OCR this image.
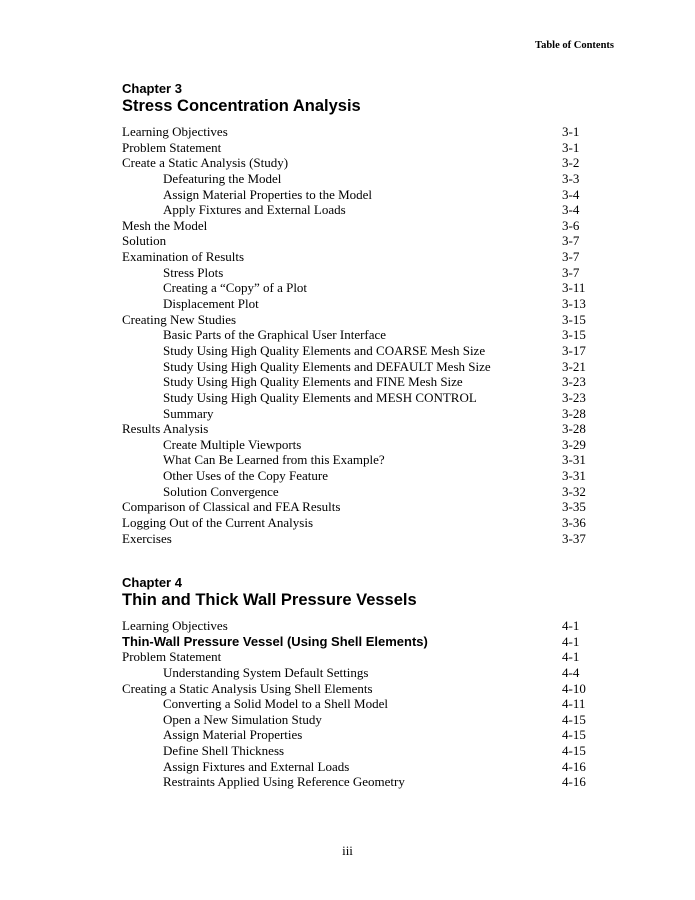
Table of Contents
Chapter 3
Stress Concentration Analysis
Learning Objectives	3-1
Problem Statement	3-1
Create a Static Analysis (Study)	3-2
Defeaturing the Model	3-3
Assign Material Properties to the Model	3-4
Apply Fixtures and External Loads	3-4
Mesh the Model	3-6
Solution	3-7
Examination of Results	3-7
Stress Plots	3-7
Creating a “Copy” of a Plot	3-11
Displacement Plot	3-13
Creating New Studies	3-15
Basic Parts of the Graphical User Interface	3-15
Study Using High Quality Elements and COARSE Mesh Size	3-17
Study Using High Quality Elements and DEFAULT Mesh Size	3-21
Study Using High Quality Elements and FINE Mesh Size	3-23
Study Using High Quality Elements and MESH CONTROL	3-23
Summary	3-28
Results Analysis	3-28
Create Multiple Viewports	3-29
What Can Be Learned from this Example?	3-31
Other Uses of the Copy Feature	3-31
Solution Convergence	3-32
Comparison of Classical and FEA Results	3-35
Logging Out of the Current Analysis	3-36
Exercises	3-37
Chapter 4
Thin and Thick Wall Pressure Vessels
Learning Objectives	4-1
Thin-Wall Pressure Vessel (Using Shell Elements)	4-1
Problem Statement	4-1
Understanding System Default Settings	4-4
Creating a Static Analysis Using Shell Elements	4-10
Converting a Solid Model to a Shell Model	4-11
Open a New Simulation Study	4-15
Assign Material Properties	4-15
Define Shell Thickness	4-15
Assign Fixtures and External Loads	4-16
Restraints Applied Using Reference Geometry	4-16
iii
